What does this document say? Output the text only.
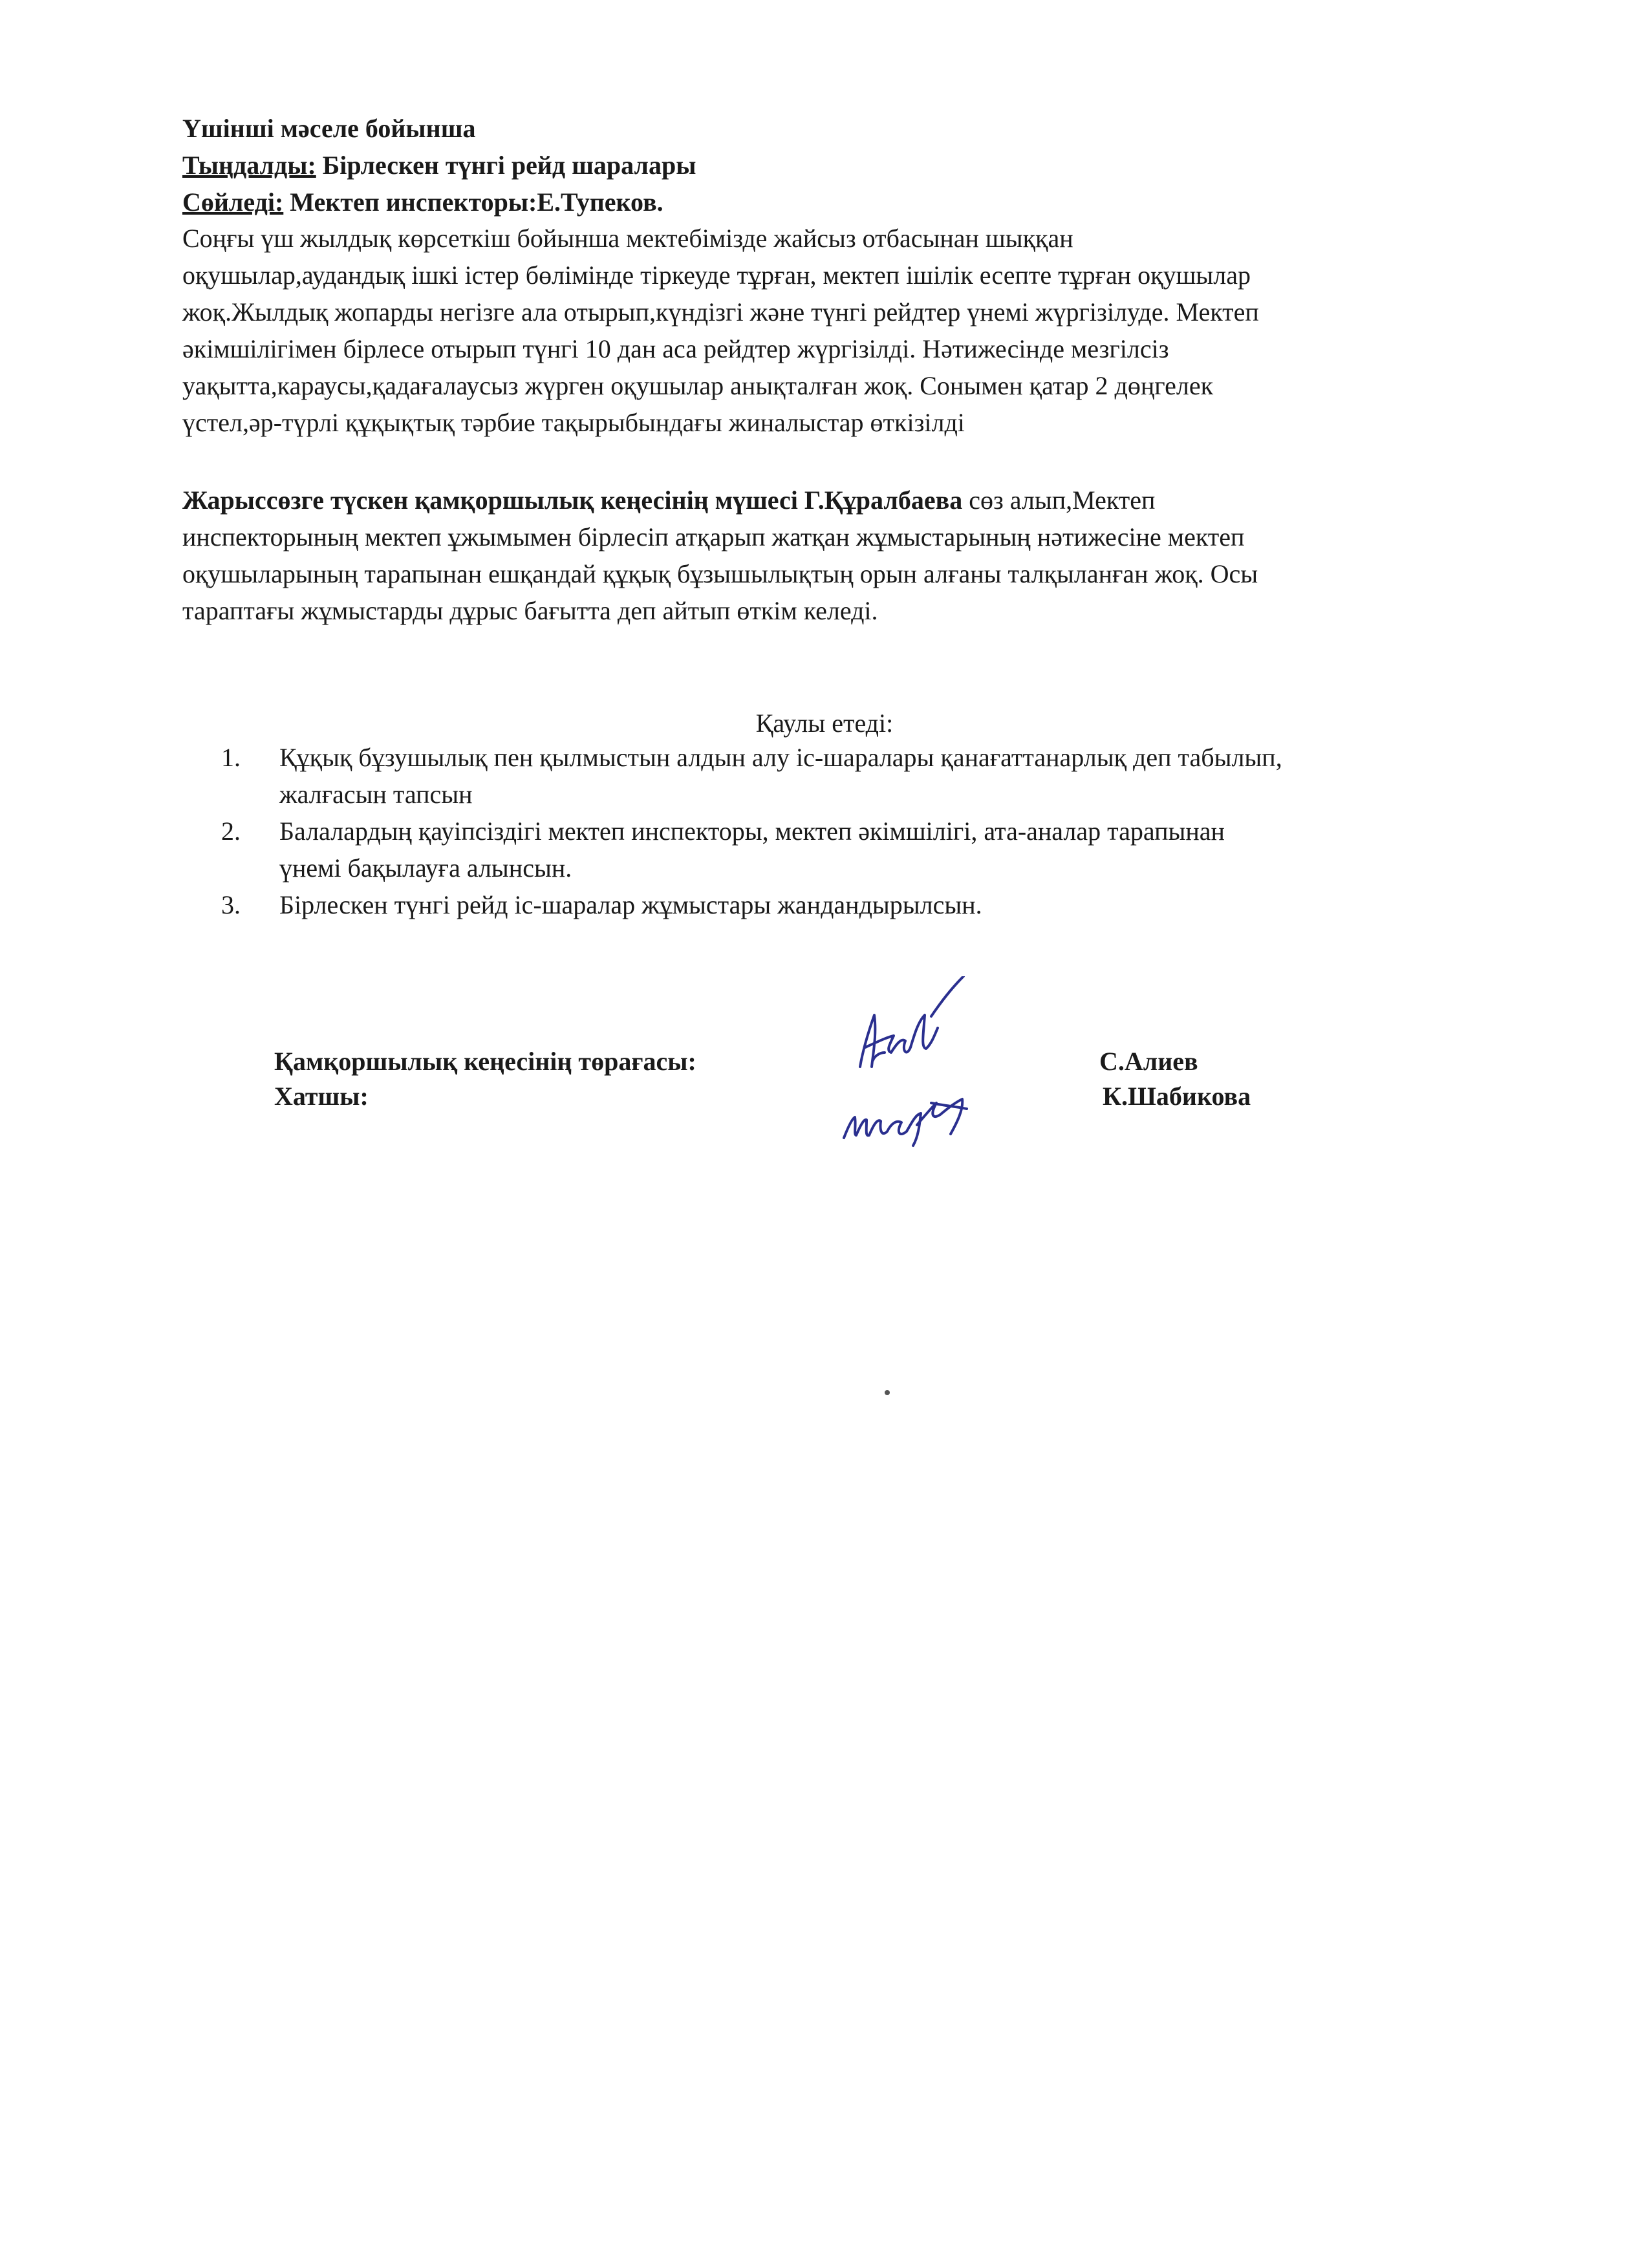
Үшінші мәселе бойынша
Тыңдалды: Бірлескен түнгі рейд шаралары
Сөйледі: Мектеп инспекторы:Е.Тупеков.
Соңғы үш жылдық көрсеткіш бойынша мектебімізде жайсыз отбасынан шыққан
оқушылар,аудандық ішкі істер бөлімінде тіркеуде тұрған, мектеп ішілік есепте тұрған оқушылар
жоқ.Жылдық жопарды негізге ала отырып,күндізгі және түнгі рейдтер үнемі жүргізілуде. Мектеп
әкімшілігімен бірлесе отырып түнгі 10 дан аса рейдтер жүргізілді. Нәтижесінде мезгілсіз
уақытта,караусы,қадағалаусыз жүрген оқушылар анықталған жоқ. Сонымен қатар 2 дөңгелек
үстел,әр-түрлі құқықтық тәрбие тақырыбындағы жиналыстар өткізілді
Жарыссөзге түскен қамқоршылық кеңесінің мүшесі Г.Құралбаева сөз алып,Мектеп
инспекторының мектеп ұжымымен бірлесіп атқарып жатқан жұмыстарының нәтижесіне мектеп
оқушыларының тарапынан ешқандай құқық бұзышылықтың орын алғаны талқыланған жоқ. Осы
тараптағы жұмыстарды дұрыс бағытта деп айтып өткім келеді.
Қаулы етеді:
1. Құқық бұзушылық пен қылмыстын алдын алу іс-шаралары қанағаттанарлық деп табылып,
жалғасын тапсын
2. Балалардың қауіпсіздігі мектеп инспекторы, мектеп әкімшілігі, ата-аналар тарапынан
үнемі бақылауға алынсын.
3. Бірлескен түнгі рейд іс-шаралар жұмыстары жандандырылсын.
Қамқоршылық кеңесінің төрағасы:
Хатшы:
С.Алиев
К.Шабикова
